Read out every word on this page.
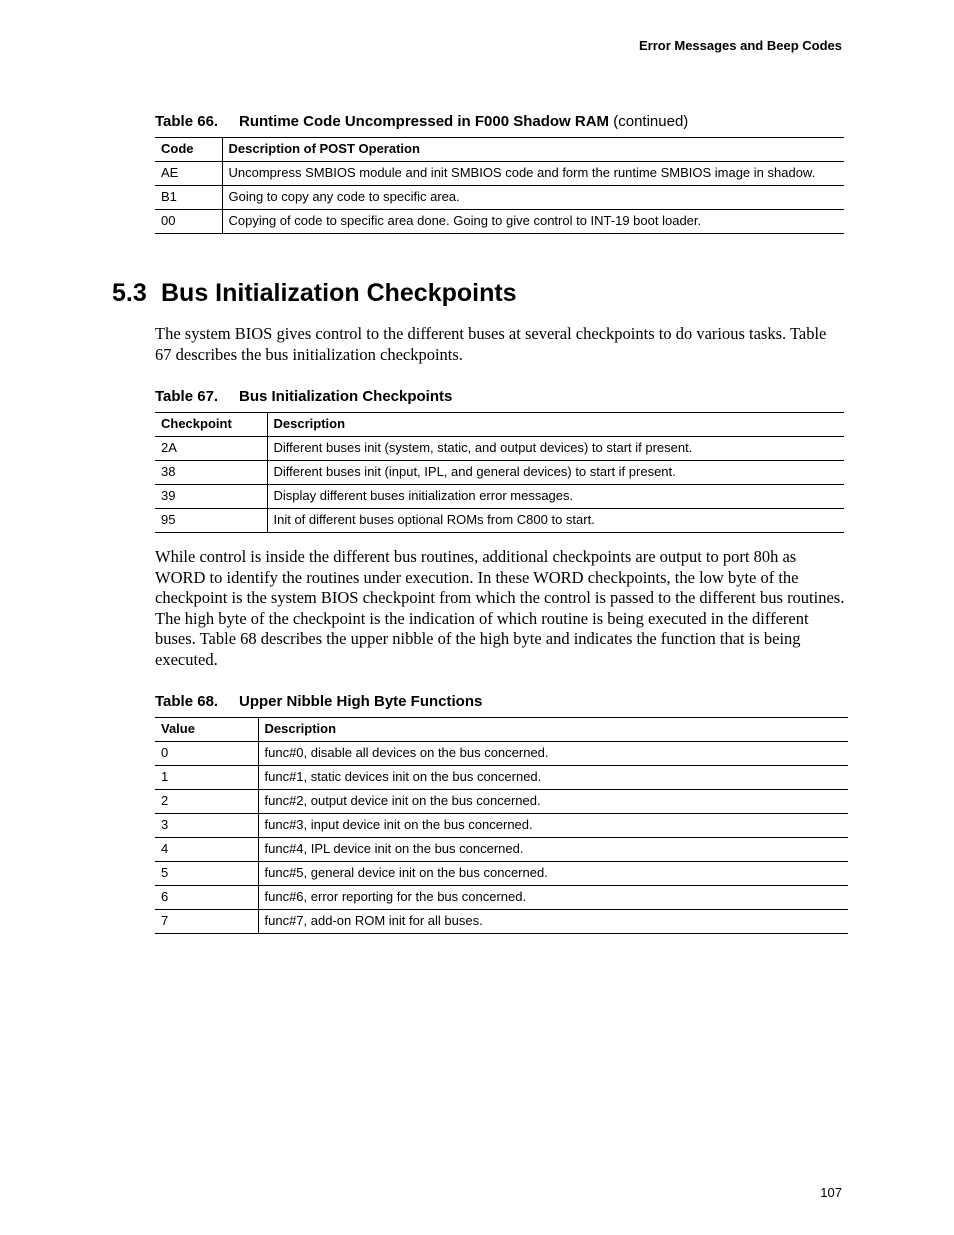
Error Messages and Beep Codes
Table 66. Runtime Code Uncompressed in F000 Shadow RAM (continued)
Code	Description of POST Operation
AE	Uncompress SMBIOS module and init SMBIOS code and form the runtime SMBIOS image in shadow.
B1	Going to copy any code to specific area.
00	Copying of code to specific area done. Going to give control to INT-19 boot loader.
5.3 Bus Initialization Checkpoints

The system BIOS gives control to the different buses at several checkpoints to do various tasks. Table 67 describes the bus initialization checkpoints.

Table 67. Bus Initialization Checkpoints
Checkpoint	Description
2A	Different buses init (system, static, and output devices) to start if present.
38	Different buses init (input, IPL, and general devices) to start if present.
39	Display different buses initialization error messages.
95	Init of different buses optional ROMs from C800 to start.

While control is inside the different bus routines, additional checkpoints are output to port 80h as WORD to identify the routines under execution. In these WORD checkpoints, the low byte of the checkpoint is the system BIOS checkpoint from which the control is passed to the different bus routines. The high byte of the checkpoint is the indication of which routine is being executed in the different buses. Table 68 describes the upper nibble of the high byte and indicates the function that is being executed.

Table 68. Upper Nibble High Byte Functions
Value	Description
0	func#0, disable all devices on the bus concerned.
1	func#1, static devices init on the bus concerned.
2	func#2, output device init on the bus concerned.
3	func#3, input device init on the bus concerned.
4	func#4, IPL device init on the bus concerned.
5	func#5, general device init on the bus concerned.
6	func#6, error reporting for the bus concerned.
7	func#7, add-on ROM init for all buses.
107
